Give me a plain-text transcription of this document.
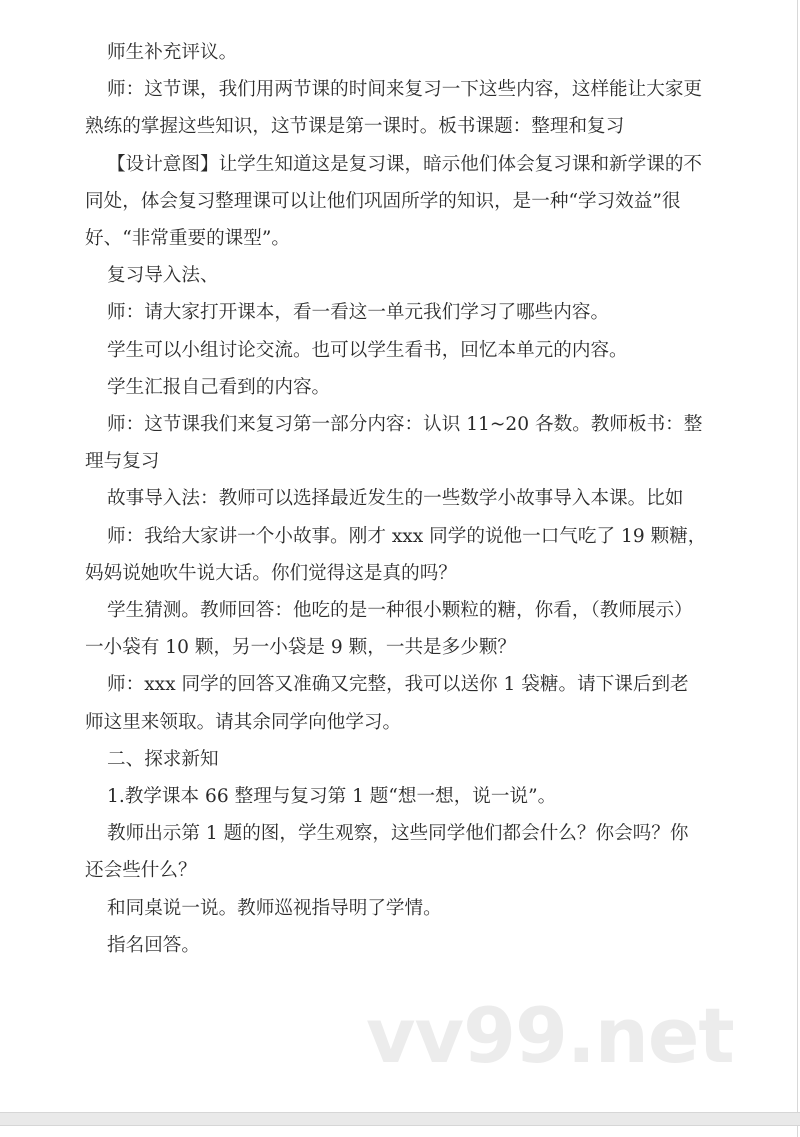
师生补充评议。

师：这节课，我们用两节课的时间来复习一下这些内容，这样能让大家更熟练的掌握这些知识，这节课是第一课时。板书课题：整理和复习

【设计意图】让学生知道这是复习课，暗示他们体会复习课和新学课的不同处，体会复习整理课可以让他们巩固所学的知识，是一种“学习效益”很好、“非常重要的课型”。

复习导入法、

师：请大家打开课本，看一看这一单元我们学习了哪些内容。

学生可以小组讨论交流。也可以学生看书，回忆本单元的内容。

学生汇报自己看到的内容。

师：这节课我们来复习第一部分内容：认识 11~20 各数。教师板书：整理与复习

故事导入法：教师可以选择最近发生的一些数学小故事导入本课。比如

师：我给大家讲一个小故事。刚才 xxx 同学的说他一口气吃了 19 颗糖，妈妈说她吹牛说大话。你们觉得这是真的吗？

学生猜测。教师回答：他吃的是一种很小颗粒的糖，你看，（教师展示）一小袋有 10 颗，另一小袋是 9 颗，一共是多少颗？

师：xxx 同学的回答又准确又完整，我可以送你 1 袋糖。请下课后到老师这里来领取。请其余同学向他学习。

二、探求新知

1.教学课本 66 整理与复习第 1 题“想一想，说一说”。

教师出示第 1 题的图，学生观察，这些同学他们都会什么？你会吗？你还会些什么？

和同桌说一说。教师巡视指导明了学情。

指名回答。

vv99.net
